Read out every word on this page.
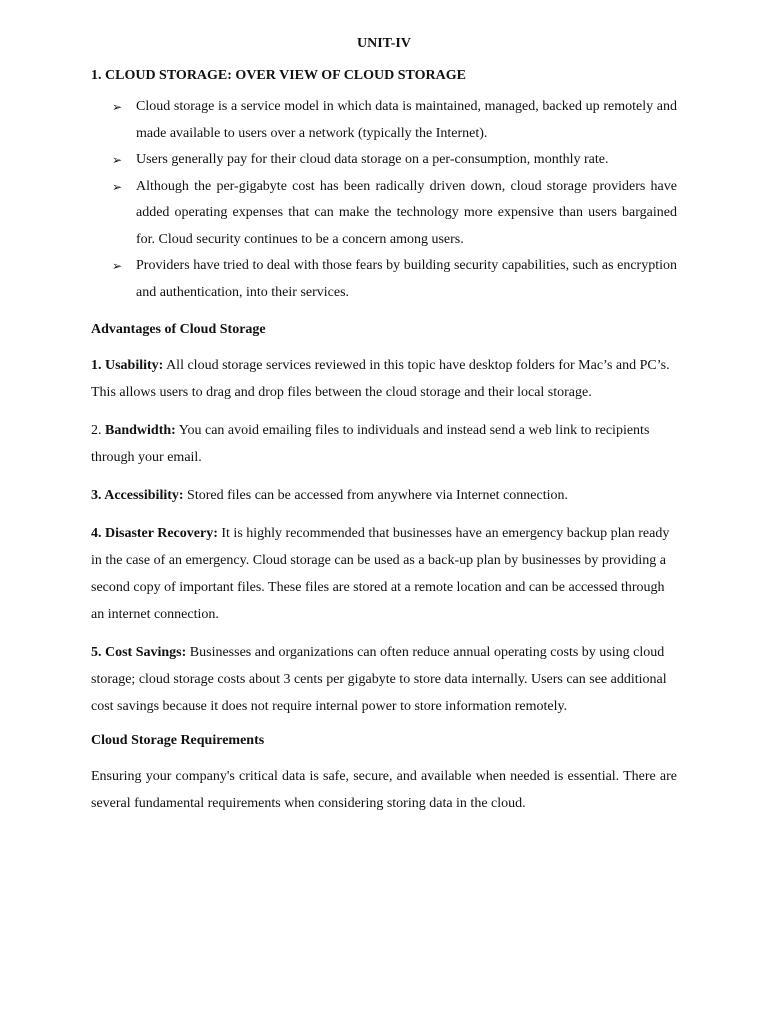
UNIT-IV
1. CLOUD STORAGE: OVER VIEW OF CLOUD STORAGE
➢ Cloud storage is a service model in which data is maintained, managed, backed up remotely and made available to users over a network (typically the Internet).
➢ Users generally pay for their cloud data storage on a per-consumption, monthly rate.
➢ Although the per-gigabyte cost has been radically driven down, cloud storage providers have added operating expenses that can make the technology more expensive than users bargained for. Cloud security continues to be a concern among users.
➢ Providers have tried to deal with those fears by building security capabilities, such as encryption and authentication, into their services.
Advantages of Cloud Storage

1. Usability: All cloud storage services reviewed in this topic have desktop folders for Mac’s and PC’s. This allows users to drag and drop files between the cloud storage and their local storage.

2. Bandwidth: You can avoid emailing files to individuals and instead send a web link to recipients through your email.

3. Accessibility: Stored files can be accessed from anywhere via Internet connection.

4. Disaster Recovery: It is highly recommended that businesses have an emergency backup plan ready in the case of an emergency. Cloud storage can be used as a back-up plan by businesses by providing a second copy of important files. These files are stored at a remote location and can be accessed through an internet connection.

5. Cost Savings: Businesses and organizations can often reduce annual operating costs by using cloud storage; cloud storage costs about 3 cents per gigabyte to store data internally. Users can see additional cost savings because it does not require internal power to store information remotely.

Cloud Storage Requirements

Ensuring your company's critical data is safe, secure, and available when needed is essential. There are several fundamental requirements when considering storing data in the cloud.
